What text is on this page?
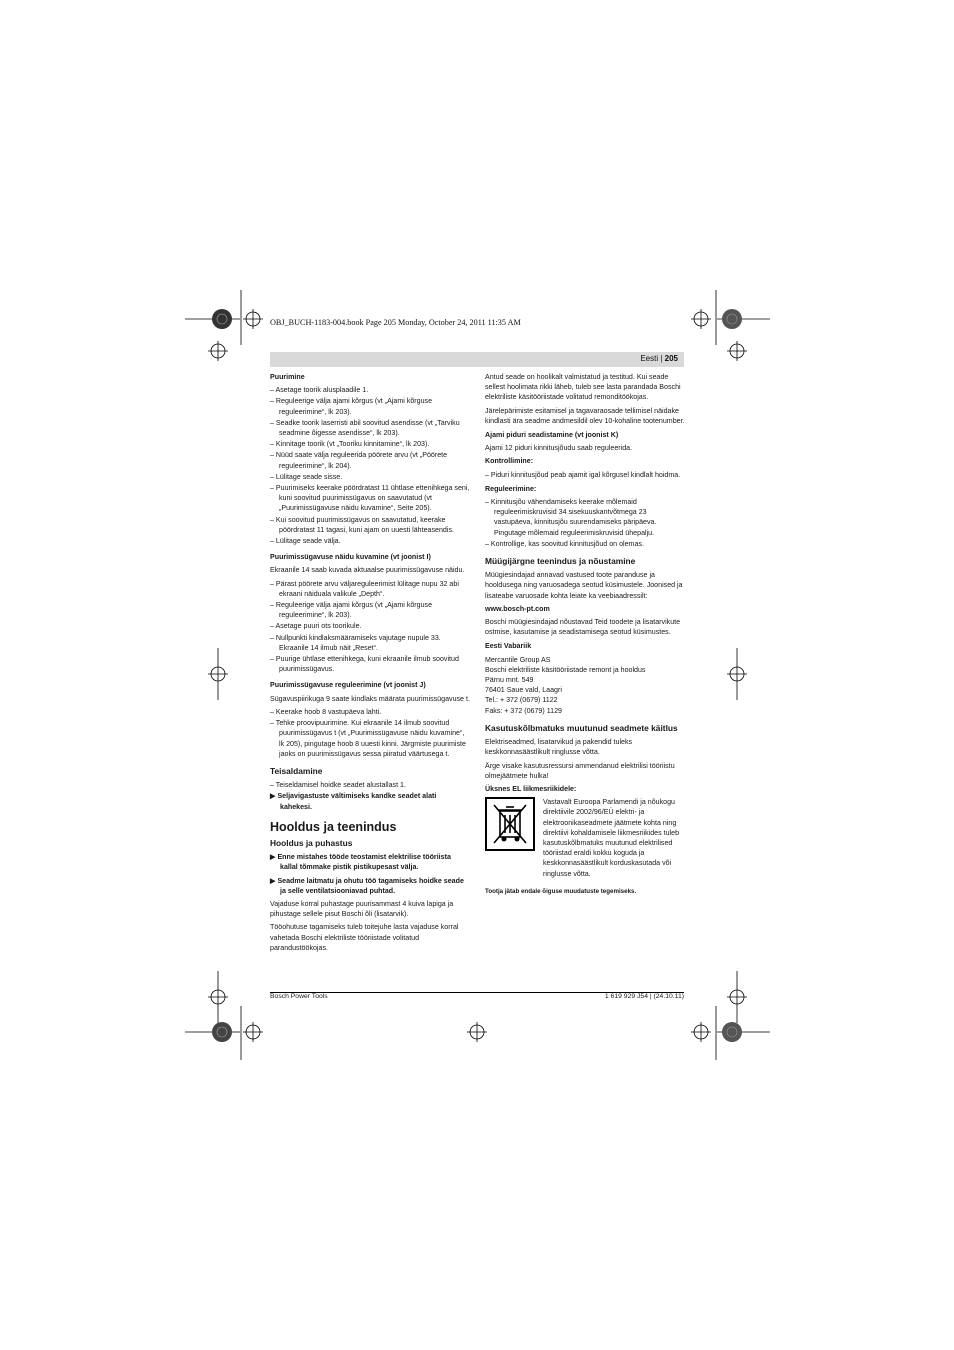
OBJ_BUCH-1183-004.book Page 205 Monday, October 24, 2011 11:35 AM
Eesti | 205
Puurimine
– Asetage toorik alusplaadile 1.
– Reguleerige välja ajami kõrgus (vt „Ajami kõrguse reguleerimine“, lk 203).
– Seadke toorik laserristi abil soovitud asendisse (vt „Tarviku seadmine õigesse asendisse“, lk 203).
– Kinnitage toorik (vt „Tooriku kinnitamine“, lk 203).
– Nüüd saate välja reguleerida pöörete arvu (vt „Pöörete reguleerimine“, lk 204).
– Lülitage seade sisse.
– Puurimiseks keerake pöördratast 11 ühtlase ettenihkega seni, kuni soovitud puurimissügavus on saavutatud (vt „Puurimissügavuse näidu kuvamine“, Seite 205).
– Kui soovitud puurimissügavus on saavutatud, keerake pöördratast 11 tagasi, kuni ajam on uuesti lähteasendis.
– Lülitage seade välja.
Puurimissügavuse näidu kuvamine (vt joonist I)

Ekraanile 14 saab kuvada aktuaalse puurimissügavuse näidu.

– Pärast pöörete arvu väljareguleerimist lülitage nupu 32 abi ekraani näiduala valikule „Depth“.
– Reguleerige välja ajami kõrgus (vt „Ajami kõrguse reguleerimine“, lk 203).
– Asetage puuri ots toorikule.
– Nullpunkti kindlaksmääramiseks vajutage nupule 33. Ekraanile 14 ilmub näit „Reset“.
– Puurige ühtlase ettenihkega, kuni ekraanile ilmub soovitud puurimissügavus.
Puurimissügavuse reguleerimine (vt joonist J)

Sügavuspiirikuga 9 saate kindlaks määrata puurimissügavuse t.

– Keerake hoob 8 vastupäeva lahti.
– Tehke proovipuurimine. Kui ekraanile 14 ilmub soovitud puurimissügavus t (vt „Puurimissügavuse näidu kuvamine“, lk 205), pingutage hoob 8 uuesti kinni. Järgmiste puurimiste jaoks on puurimissügavus sessa piiratud väärtusega t.
Teisaldamine
– Teiseldamisel hoidke seadet alustallast 1.
▶ Seljavigastuste vältimiseks kandke seadet alati kahekesi.
Hooldus ja teenindus
Hooldus ja puhastus
▶ Enne mistahes tööde teostamist elektrilise tööriista kallal tõmmake pistik pistikupesast välja.
▶ Seadme laitmatu ja ohutu töö tagamiseks hoidke seade ja selle ventilatsiooniavad puhtad.

Vajaduse korral puhastage puurisammast 4 kuiva lapiga ja pihustage sellele pisut Boschi õli (lisatarvik).

Tööohutuse tagamiseks tuleb toitejuhe lasta vajaduse korral vahetada Boschi elektriliste tööriistade volitatud parandustöökojas.

Antud seade on hoolikalt valmistatud ja testitud. Kui seade sellest hoolimata rikki läheb, tuleb see lasta parandada Boschi elektriliste käsitööriistade volitatud remonditöökojas.

Järelepärimiste esitamisel ja tagavaraosade tellimisel näidake kindlasti ära seadme andmesildil olev 10-kohaline tootenumber.

Ajami piduri seadistamine (vt joonist K)

Ajami 12 piduri kinnitusjõudu saab reguleerida.

Kontrollimine:
– Piduri kinnitusjõud peab ajamit igal kõrgusel kindlalt hoidma.
Reguleerimine:
– Kinnitusjõu vähendamiseks keerake mõlemaid reguleerimiskruvisid 34 sisekuuskantvõtmega 23 vastupäeva, kinnitusjõu suurendamiseks päripäeva. Pingutage mõlemaid reguleerimiskruvisid ühepalju.
– Kontrollige, kas soovitud kinnitusjõud on olemas.
Müügijärgne teenindus ja nõustamine

Müügiesindajad annavad vastused toote paranduse ja hooldusega ning varuosadega seotud küsimustele. Joonised ja lisateabe varuosade kohta leiate ka veebiaadressilt:

www.bosch-pt.com

Boschi müügiesindajad nõustavad Teid toodete ja lisatarvikute ostmise, kasutamise ja seadistamisega seotud küsimustes.

Eesti Vabariik
Mercantile Group AS
Boschi elektriliste käsitööriistade remont ja hooldus
Pärnu mnt. 549
76401 Saue vald, Laagri
Tel.: + 372 (0679) 1122
Faks: + 372 (0679) 1129
Kasutuskõlbmatuks muutunud seadmete käitlus

Elektriseadmed, lisatarvikud ja pakendid tuleks keskkonnasäästlikult ringlusse võtta.

Ärge visake kasutusressursi ammendanud elektrilisi tööriistu olmejäätmete hulka!

Üksnes EL liikmesriikidele:
Vastavalt Euroopa Parlamendi ja nõukogu direktiivile 2002/96/EÜ elektri- ja elektroonikaseadmete jäätmete kohta ning direktiivi kohaldamisele liikmesriikides tuleb kasutuskõlbmatuks muutunud elektrilised tööriistad eraldi kokku koguda ja keskkonnasäästlikult korduskasutada või ringlusse võtta.
Tootja jätab endale õiguse muudatuste tegemiseks.
Bosch Power Tools	1 619 929 J54 | (24.10.11)
